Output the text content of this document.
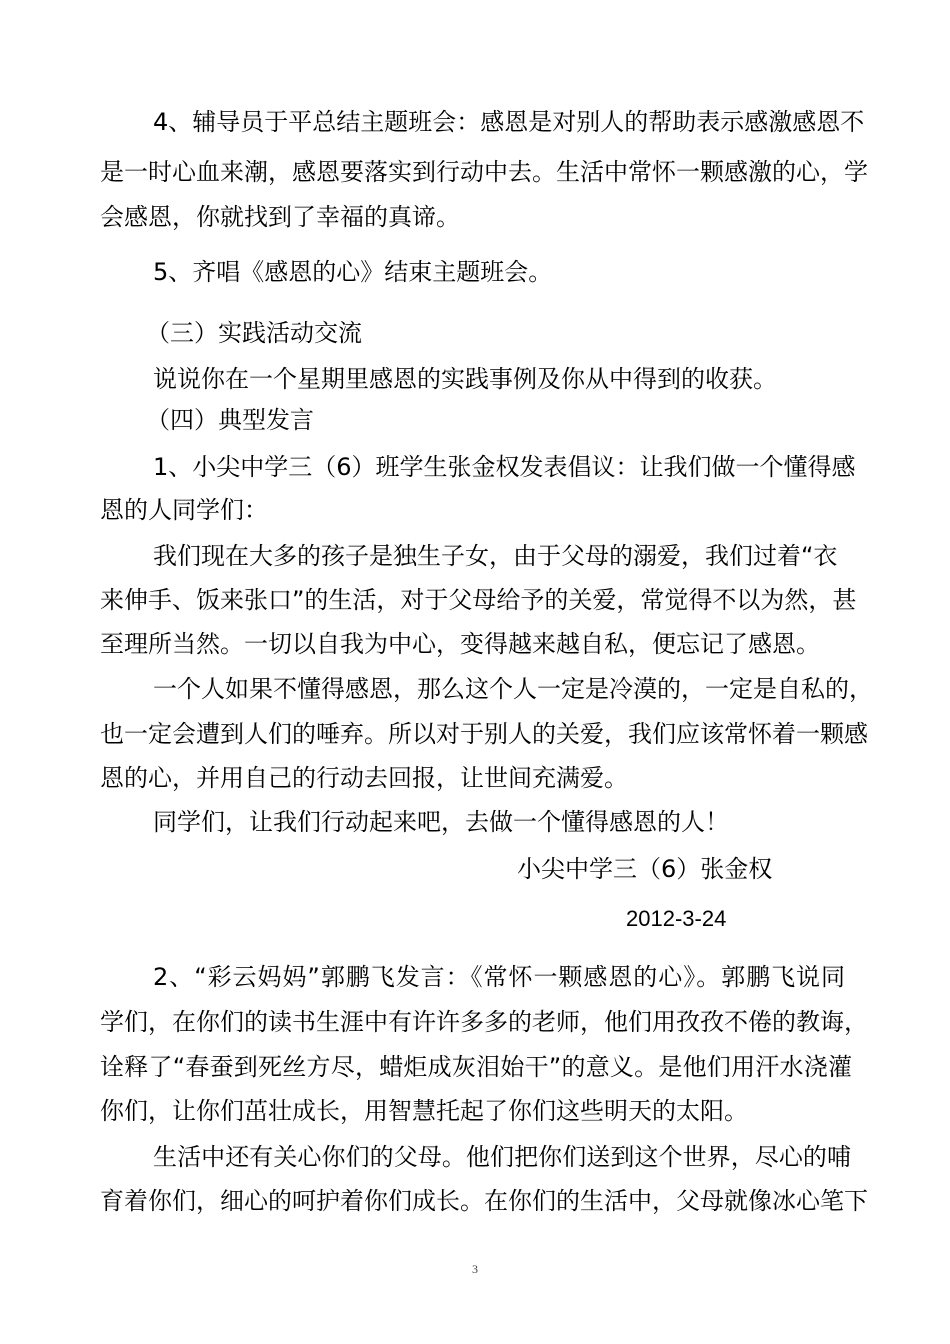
4、辅导员于平总结主题班会：感恩是对别人的帮助表示感激感恩不
是一时心血来潮，感恩要落实到行动中去。生活中常怀一颗感激的心，学
会感恩，你就找到了幸福的真谛。
5、齐唱《感恩的心》结束主题班会。
（三）实践活动交流
说说你在一个星期里感恩的实践事例及你从中得到的收获。
（四）典型发言
1、小尖中学三（6）班学生张金权发表倡议：让我们做一个懂得感
恩的人同学们：
我们现在大多的孩子是独生子女，由于父母的溺爱，我们过着“衣
来伸手、饭来张口”的生活，对于父母给予的关爱，常觉得不以为然，甚
至理所当然。一切以自我为中心，变得越来越自私，便忘记了感恩。
一个人如果不懂得感恩，那么这个人一定是冷漠的，一定是自私的，
也一定会遭到人们的唾弃。所以对于别人的关爱，我们应该常怀着一颗感
恩的心，并用自己的行动去回报，让世间充满爱。
同学们，让我们行动起来吧，去做一个懂得感恩的人！
小尖中学三（6）张金权
2012-3-24
2、“彩云妈妈”郭鹏飞发言：《常怀一颗感恩的心》。郭鹏飞说同
学们，在你们的读书生涯中有许许多多的老师，他们用孜孜不倦的教诲，
诠释了“春蚕到死丝方尽，蜡炬成灰泪始干”的意义。是他们用汗水浇灌
你们，让你们茁壮成长，用智慧托起了你们这些明天的太阳。
生活中还有关心你们的父母。他们把你们送到这个世界，尽心的哺
育着你们，细心的呵护着你们成长。在你们的生活中，父母就像冰心笔下
3
